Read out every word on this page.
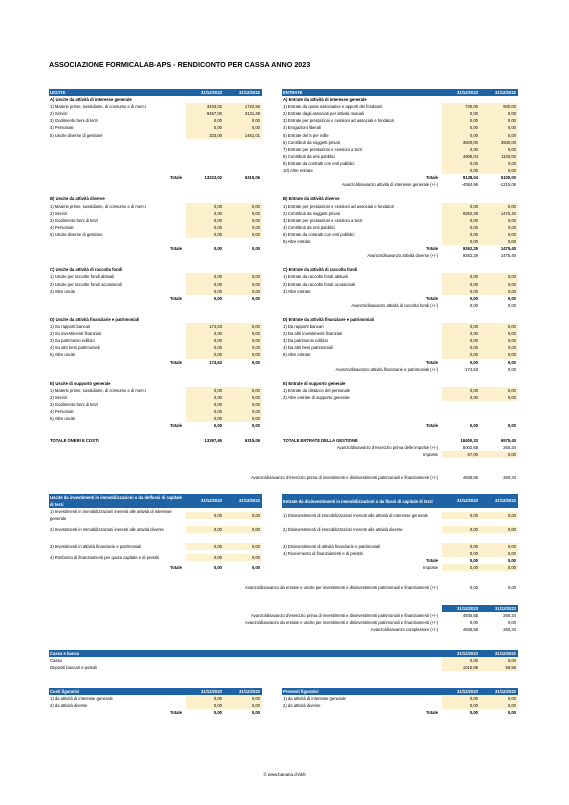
ASSOCIAZIONE FORMICALAB-APS - RENDICONTO PER CASSA ANNO 2023
USCITE	31/12/2023	31/12/2022
A) Uscite da attività di interesse generale
1) Materie prime, sussidiarie, di consumo e di merci	3433,02	1722,56
2) Servizi	9457,00	3131,49
3) Godimento beni di terzi	0,00	0,00
4) Personale	0,00	0,00
5) Uscite diverse di gestione	333,00	1461,01
Totale	13223,02	6315,06
B) Uscite da attività diverse
1) Materie prime, sussidiarie, di consumo e di merci	0,00	0,00
2) Servizi	0,00	0,00
3) Godimento beni di terzi	0,00	0,00
4) Personale	0,00	0,00
5) Uscite diverse di gestione	0,00	0,00
Totale	0,00	0,00
C) Uscite da attività di raccolta fondi
1) Uscite per raccolte fondi abituali	0,00	0,00
2) Uscite per raccolte fondi occasionali	0,00	0,00
3) Altre uscite	0,00	0,00
Totale	0,00	0,00
D) Uscite da attività finanziarie e patrimoniali
1) Su rapporti bancari	174,63	0,00
2) Su investimenti finanziari	0,00	0,00
3) Su patrimonio edilizio	0,00	0,00
4) Su altri beni patrimoniali	0,00	0,00
5) Altre uscite	0,00	0,00
Totale	174,63	0,00
E) Uscite di supporto generale
1) Materie prime, sussidiarie, di consumo e di merci	0,00	0,00
2) Servizi	0,00	0,00
3) Godimento beni di terzi	0,00	0,00
4) Personale	0,00	0,00
5) Altre uscite	0,00	0,00
Totale	0,00	0,00
TOTALE ONERI E COSTI	13397,65	6315,06
ENTRATE	31/12/2023	31/12/2022
A) Entrate da attività di interesse generale
1) Entrate da quote associative e apporti dei fondatori	730,00	500,00
2) Entrate dagli associati per attività mutuali	0,00	0,00
3) Entrate per prestazioni e cessioni ad associati e fondatori	0,00	0,00
4) Erogazioni liberali	0,00	0,00
5) Entrate del 5 per mille	0,00	0,00
6) Contributi da soggetti privati	3500,00	3500,00
7) Entrate per prestazioni e cessioni a terzi	0,00	0,00
8) Contributi da enti pubblici	4908,04	1100,00
9) Entrate da contratti con enti pubblici	0,00	0,00
10) Altre entrate	0,00	0,00
Totale	9138,04	5100,00
Avanzo/disavanzo attività di interesse generale (+/-)	-4084,98	-1215,06
B) Entrate da attività diverse
1) Entrate per prestazioni e cessioni ad associati e fondatori	0,00	0,00
2) Contributi da soggetti privati	9262,29	1475,40
3) Entrate per prestazioni e cessioni a terzi	0,00	0,00
4) Contributi da enti pubblici	0,00	0,00
5) Entrate da contratti con enti pubblici	0,00	0,00
6) Altre entrate	0,00	0,00
Totale	9262,29	1475,40
Avanzo/disavanzo attività diverse (+/-)	9262,29	1475,40
C) Entrate da attività di raccolta fondi
1) Entrate da raccolte fondi abituali	0,00	0,00
2) Entrate da raccolte fondi occasionali	0,00	0,00
3) Altre entrate	0,00	0,00
Totale	0,00	0,00
Avanzo/disavanzo attività di raccolta fondi (+/-)	0,00	0,00
D) Entrate da attività finanziarie e patrimoniali
1) Da rapporti bancari	0,00	0,00
2) Da altri investimenti finanziari	0,00	0,00
3) Da patrimonio edilizio	0,00	0,00
4) Da altri beni patrimoniali	0,00	0,00
5) Altre entrate	0,00	0,00
Totale	0,00	0,00
Avanzo/disavanzo attività finanziarie e patrimoniali (+/-)	-174,63	0,00
E) Entrate di supporto generale
1) Entrate da distacco del personale	0,00	0,00
2) Altre entrate di supporto generale	0,00	0,00
Totale	0,00	0,00
TOTALE ENTRATE DELLA GESTIONE	18400,33	6575,40
Avanzo/disavanzo d'esercizio prima delle imposte (+/-)	5002,68	260,34
Imposte	67,00	0,00
Avanzo/disavanzo d'esercizio prima di investimenti e disinvestimenti patrimoniali e finanziamenti (+/-)	4935,68	260,34
Uscite da investimenti in immobilizzazioni o da deflussi di capitale di terzi
31/12/2023	31/12/2022
1) Investimenti in immobilizzazioni inerenti alle attività di interesse generale
0,00	0,00
2) Investimenti in immobilizzazioni inerenti alle attività diverse	0,00	0,00
3) Investimenti in attività finanziarie e patrimoniali	0,00	0,00
4) Rimborso di finanziamenti per quota capitale e di prestiti	0,00	0,00
Totale	0,00	0,00
Entrate da disinvestimenti in immobilizzazioni o da flussi di capitale di terzi	31/12/2023	31/12/2022
1) Disinvestimenti di immobilizzazioni inerenti alle attività di interesse generale	0,00	0,00
2) Disinvestimenti di immobilizzazioni inerenti alle attività diverse	0,00	0,00
3) Disinvestimenti di attività finanziarie e patrimoniali	0,00	0,00
4) Ricevimento di finanziamenti e di prestiti	0,00	0,00
Totale	0,00	0,00
Imposte	0,00	0,00
Avanzo/disavanzo da entrate e uscite per investimenti e disinvestimenti patrimoniali e finanziamenti (+/-)	0,00	0,00
31/12/2023	31/12/2022
Avanzo/disavanzo d'esercizio prima di investimenti e disinvestimenti patrimoniali e finanziamenti (+/-)	4935,68	260,34
Avanzo/disavanzo da entrate e uscite per investimenti e disinvestimenti patrimoniali e finanziamenti (+/-)	0,00	0,00
Avanzo/disavanzo complessivo (+/-)	4935,68	260,34
Cassa e banca	31/12/2023	31/12/2022
Cassa	0,00	0,00
Depositi bancari e postali	1015,88	59,56
Costi figurativi	31/12/2023	31/12/2022
1) da attività di interesse generale	0,00	0,00
2) da attività diverse	0,00	0,00
Totale	0,00	0,00
Proventi figurativi	31/12/2023	31/12/2022
1) da attività di interesse generale	0,00	0,00
2) da attività diverse	0,00	0,00
Totale	0,00	0,00
© www.banana.ch/it/it
